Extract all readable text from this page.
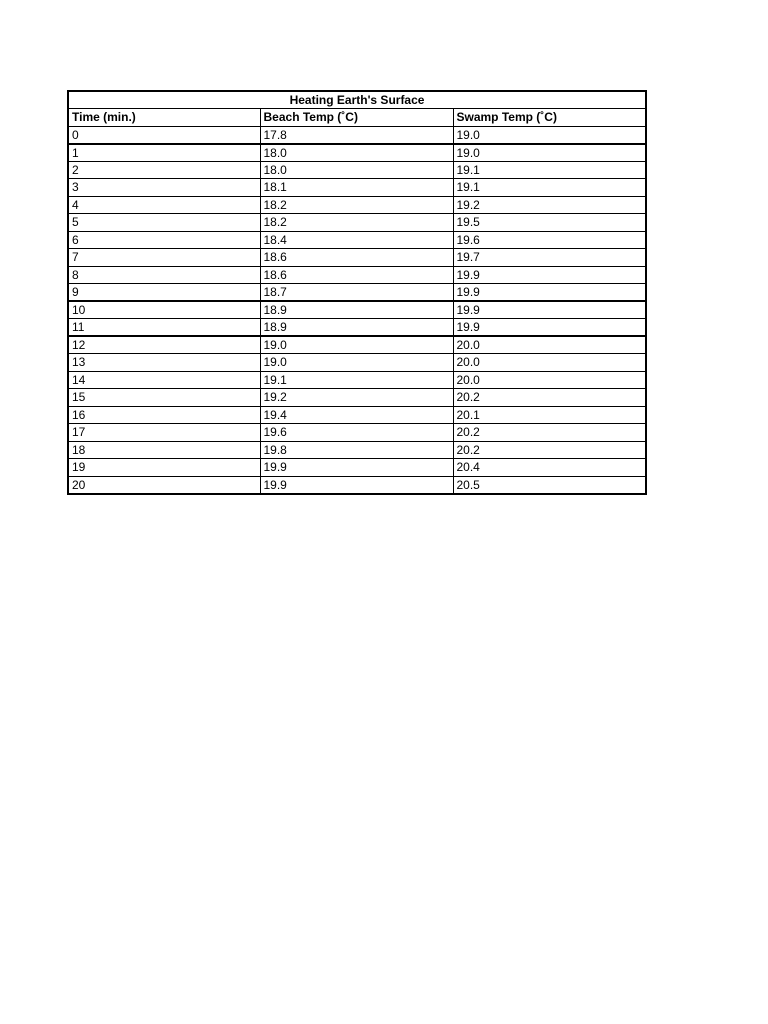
Heating Earth's Surface		
Time (min.)	Beach Temp (˚C)	Swamp Temp (˚C)
0	17.8	19.0
1	18.0	19.0
2	18.0	19.1
3	18.1	19.1
4	18.2	19.2
5	18.2	19.5
6	18.4	19.6
7	18.6	19.7
8	18.6	19.9
9	18.7	19.9
10	18.9	19.9
11	18.9	19.9
12	19.0	20.0
13	19.0	20.0
14	19.1	20.0
15	19.2	20.2
16	19.4	20.1
17	19.6	20.2
18	19.8	20.2
19	19.9	20.4
20	19.9	20.5
